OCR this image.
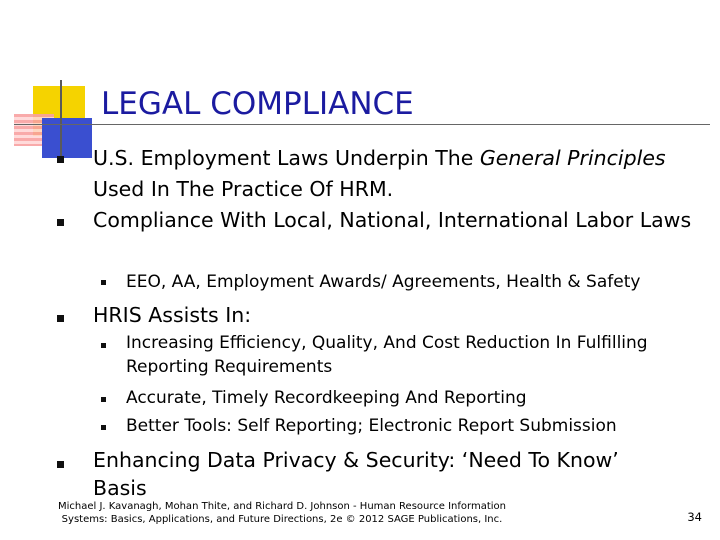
LEGAL COMPLIANCE
U.S. Employment Laws Underpin The General Principles Used In The Practice Of HRM.
Compliance With Local, National, International Labor Laws
EEO, AA, Employment Awards/ Agreements, Health & Safety
HRIS Assists In:
Increasing Efficiency, Quality, And Cost Reduction In Fulfilling Reporting Requirements
Accurate, Timely Recordkeeping And Reporting
Better Tools: Self Reporting; Electronic Report Submission
Enhancing Data Privacy & Security: ‘Need To Know’ Basis
Michael J. Kavanagh, Mohan Thite, and Richard D. Johnson - Human Resource Information Systems: Basics, Applications, and Future Directions, 2e © 2012 SAGE Publications, Inc.	34
